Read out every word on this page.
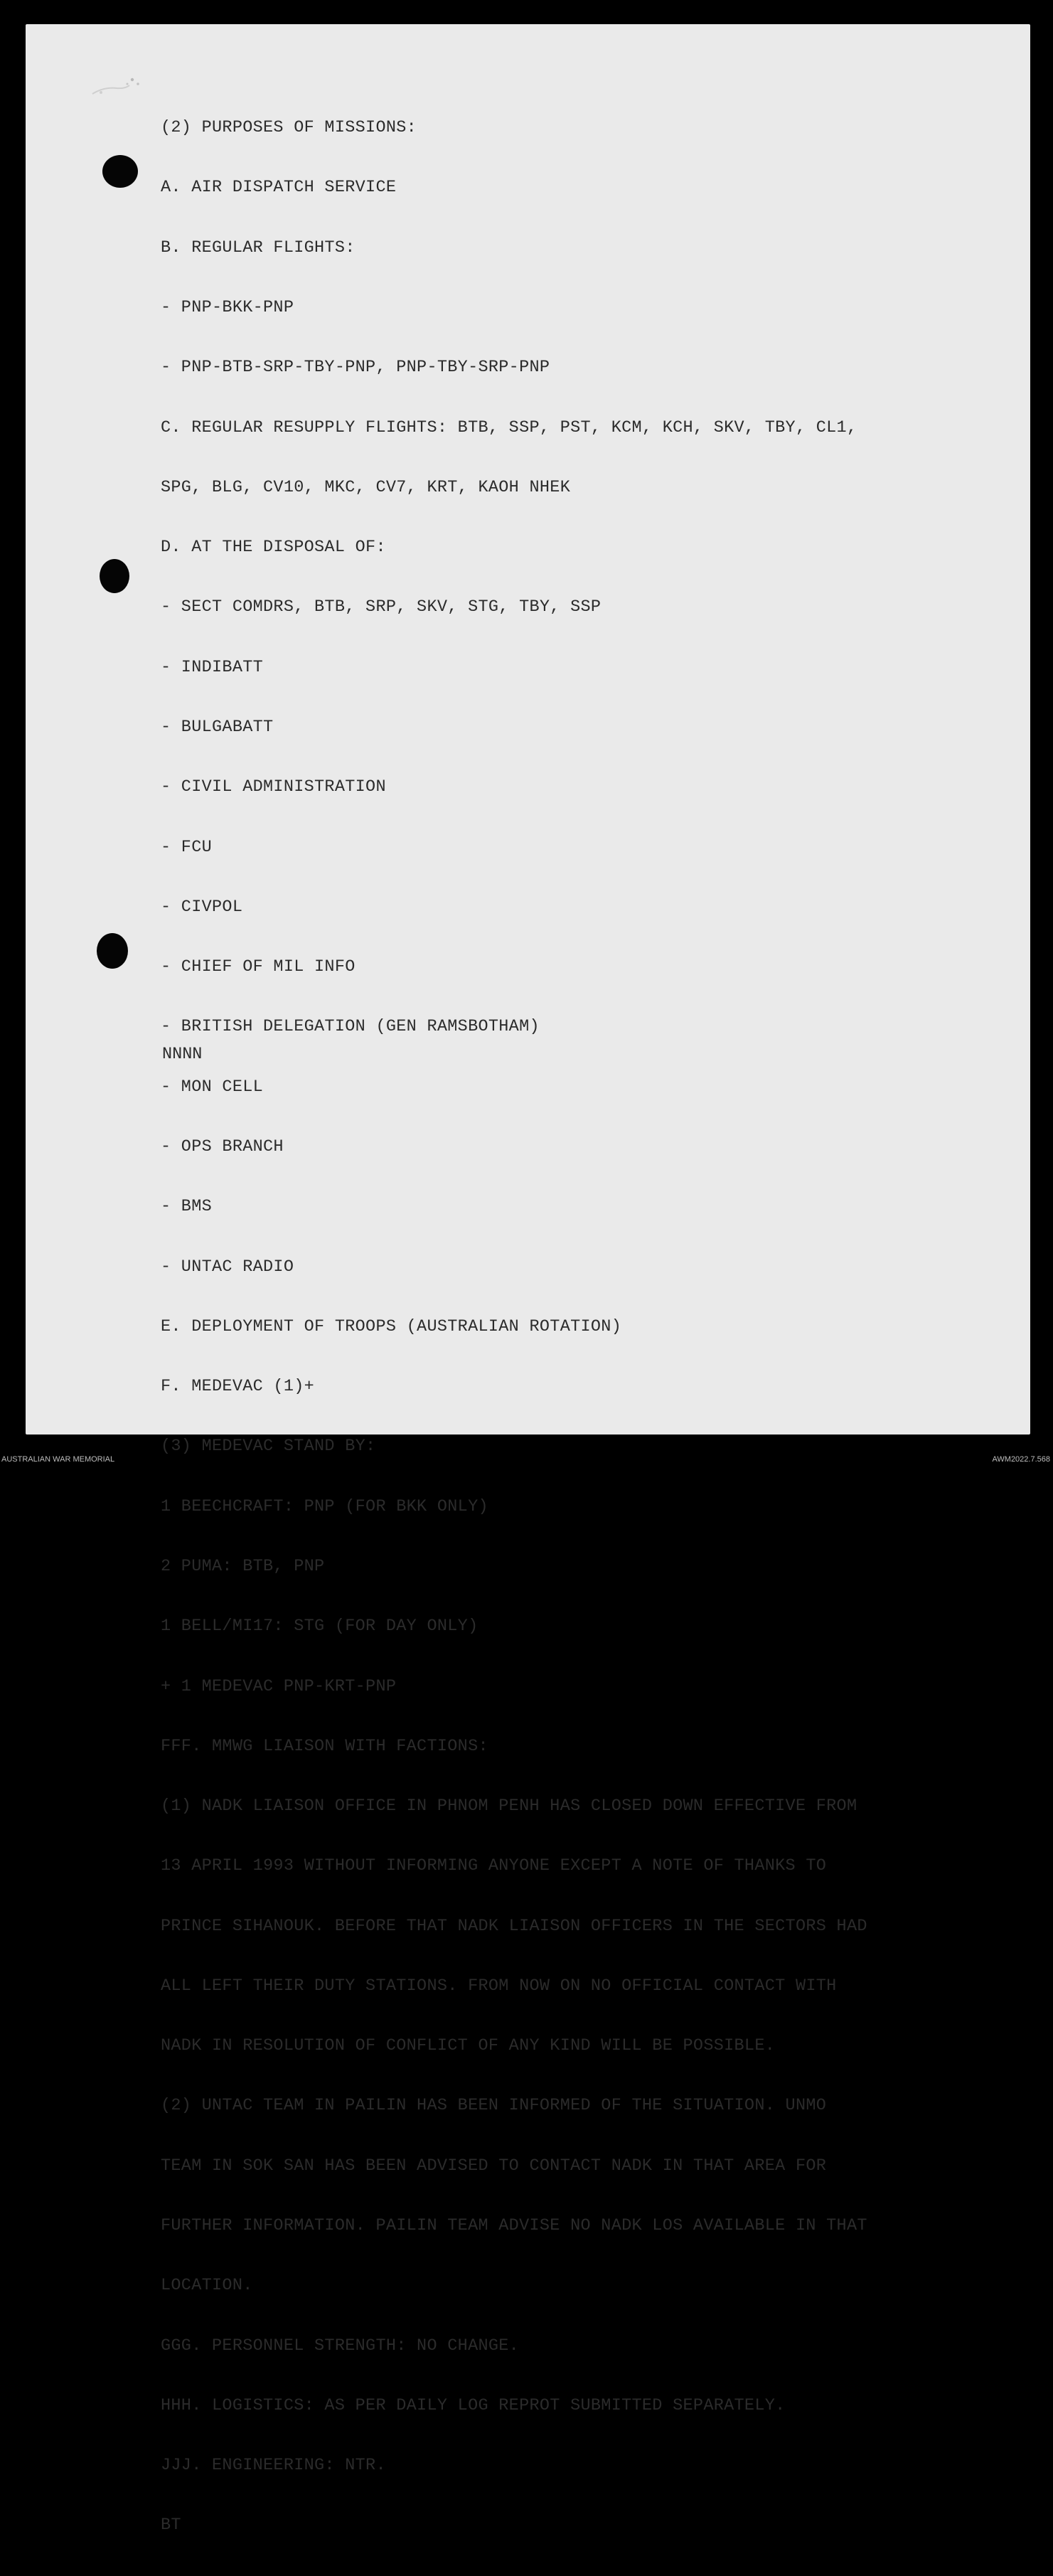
(2) PURPOSES OF MISSIONS:

A. AIR DISPATCH SERVICE

B. REGULAR FLIGHTS:

- PNP-BKK-PNP

- PNP-BTB-SRP-TBY-PNP, PNP-TBY-SRP-PNP

C. REGULAR RESUPPLY FLIGHTS: BTB, SSP, PST, KCM, KCH, SKV, TBY, CL1,

SPG, BLG, CV10, MKC, CV7, KRT, KAOH NHEK

D. AT THE DISPOSAL OF:

- SECT COMDRS, BTB, SRP, SKV, STG, TBY, SSP

- INDIBATT

- BULGABATT

- CIVIL ADMINISTRATION

- FCU

- CIVPOL

- CHIEF OF MIL INFO

- BRITISH DELEGATION (GEN RAMSBOTHAM)

- MON CELL

- OPS BRANCH

- BMS

- UNTAC RADIO

E. DEPLOYMENT OF TROOPS (AUSTRALIAN ROTATION)

F. MEDEVAC (1)+

(3) MEDEVAC STAND BY:

1 BEECHCRAFT: PNP (FOR BKK ONLY)

2 PUMA: BTB, PNP

1 BELL/MI17: STG (FOR DAY ONLY)

+ 1 MEDEVAC PNP-KRT-PNP

FFF. MMWG LIAISON WITH FACTIONS:

(1) NADK LIAISON OFFICE IN PHNOM PENH HAS CLOSED DOWN EFFECTIVE FROM

13 APRIL 1993 WITHOUT INFORMING ANYONE EXCEPT A NOTE OF THANKS TO

PRINCE SIHANOUK. BEFORE THAT NADK LIAISON OFFICERS IN THE SECTORS HAD

ALL LEFT THEIR DUTY STATIONS. FROM NOW ON NO OFFICIAL CONTACT WITH

NADK IN RESOLUTION OF CONFLICT OF ANY KIND WILL BE POSSIBLE.

(2) UNTAC TEAM IN PAILIN HAS BEEN INFORMED OF THE SITUATION. UNMO

TEAM IN SOK SAN HAS BEEN ADVISED TO CONTACT NADK IN THAT AREA FOR

FURTHER INFORMATION. PAILIN TEAM ADVISE NO NADK LOS AVAILABLE IN THAT

LOCATION.

GGG. PERSONNEL STRENGTH: NO CHANGE.

HHH. LOGISTICS: AS PER DAILY LOG REPROT SUBMITTED SEPARATELY.

JJJ. ENGINEERING: NTR.

BT

NNNN
AUSTRALIAN WAR MEMORIAL	AWM2022.7.568
